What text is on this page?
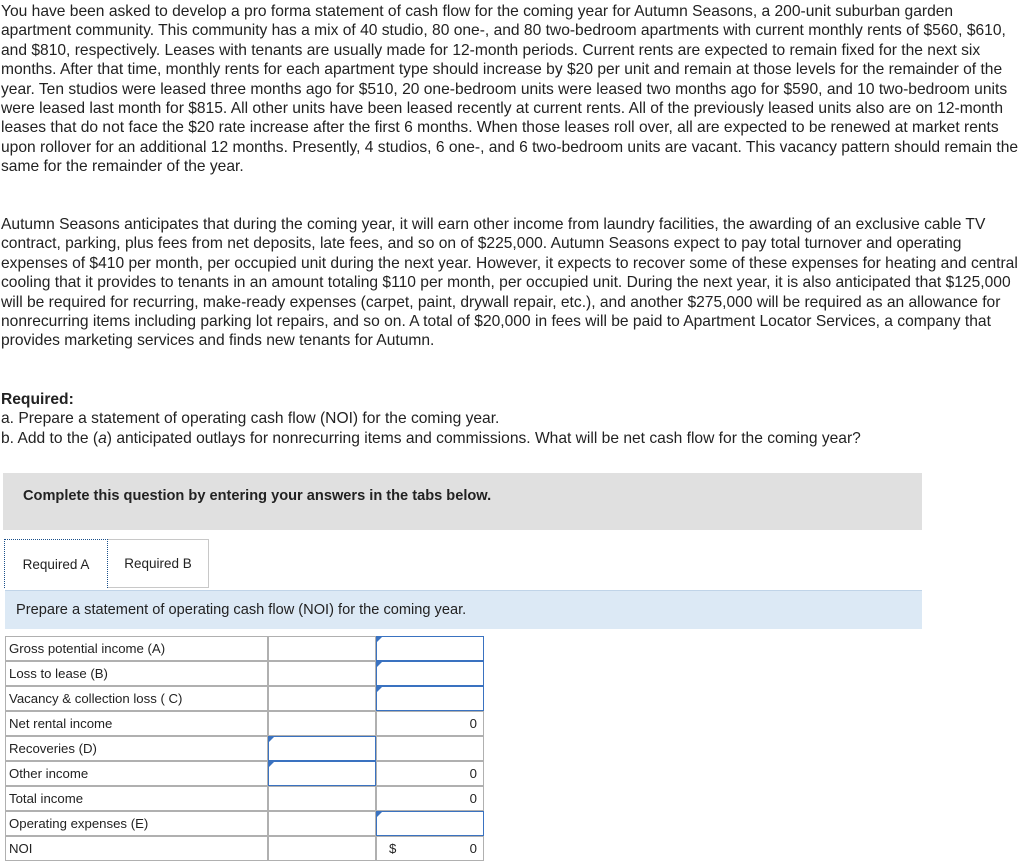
You have been asked to develop a pro forma statement of cash flow for the coming year for Autumn Seasons, a 200-unit suburban garden apartment community. This community has a mix of 40 studio, 80 one-, and 80 two-bedroom apartments with current monthly rents of $560, $610, and $810, respectively. Leases with tenants are usually made for 12-month periods. Current rents are expected to remain fixed for the next six months. After that time, monthly rents for each apartment type should increase by $20 per unit and remain at those levels for the remainder of the year. Ten studios were leased three months ago for $510, 20 one-bedroom units were leased two months ago for $590, and 10 two-bedroom units were leased last month for $815. All other units have been leased recently at current rents. All of the previously leased units also are on 12-month leases that do not face the $20 rate increase after the first 6 months. When those leases roll over, all are expected to be renewed at market rents upon rollover for an additional 12 months. Presently, 4 studios, 6 one-, and 6 two-bedroom units are vacant. This vacancy pattern should remain the same for the remainder of the year.

Autumn Seasons anticipates that during the coming year, it will earn other income from laundry facilities, the awarding of an exclusive cable TV contract, parking, plus fees from net deposits, late fees, and so on of $225,000. Autumn Seasons expect to pay total turnover and operating expenses of $410 per month, per occupied unit during the next year. However, it expects to recover some of these expenses for heating and central cooling that it provides to tenants in an amount totaling $110 per month, per occupied unit. During the next year, it is also anticipated that $125,000 will be required for recurring, make-ready expenses (carpet, paint, drywall repair, etc.), and another $275,000 will be required as an allowance for nonrecurring items including parking lot repairs, and so on. A total of $20,000 in fees will be paid to Apartment Locator Services, a company that provides marketing services and finds new tenants for Autumn.

Required:
a. Prepare a statement of operating cash flow (NOI) for the coming year.
b. Add to the (a) anticipated outlays for nonrecurring items and commissions. What will be net cash flow for the coming year?
Complete this question by entering your answers in the tabs below.
Required A	Required B
Prepare a statement of operating cash flow (NOI) for the coming year.
Gross potential income (A)
Loss to lease (B)
Vacancy & collection loss ( C)
Net rental income	0
Recoveries (D)
Other income	0
Total income	0
Operating expenses (E)
NOI	$	0
